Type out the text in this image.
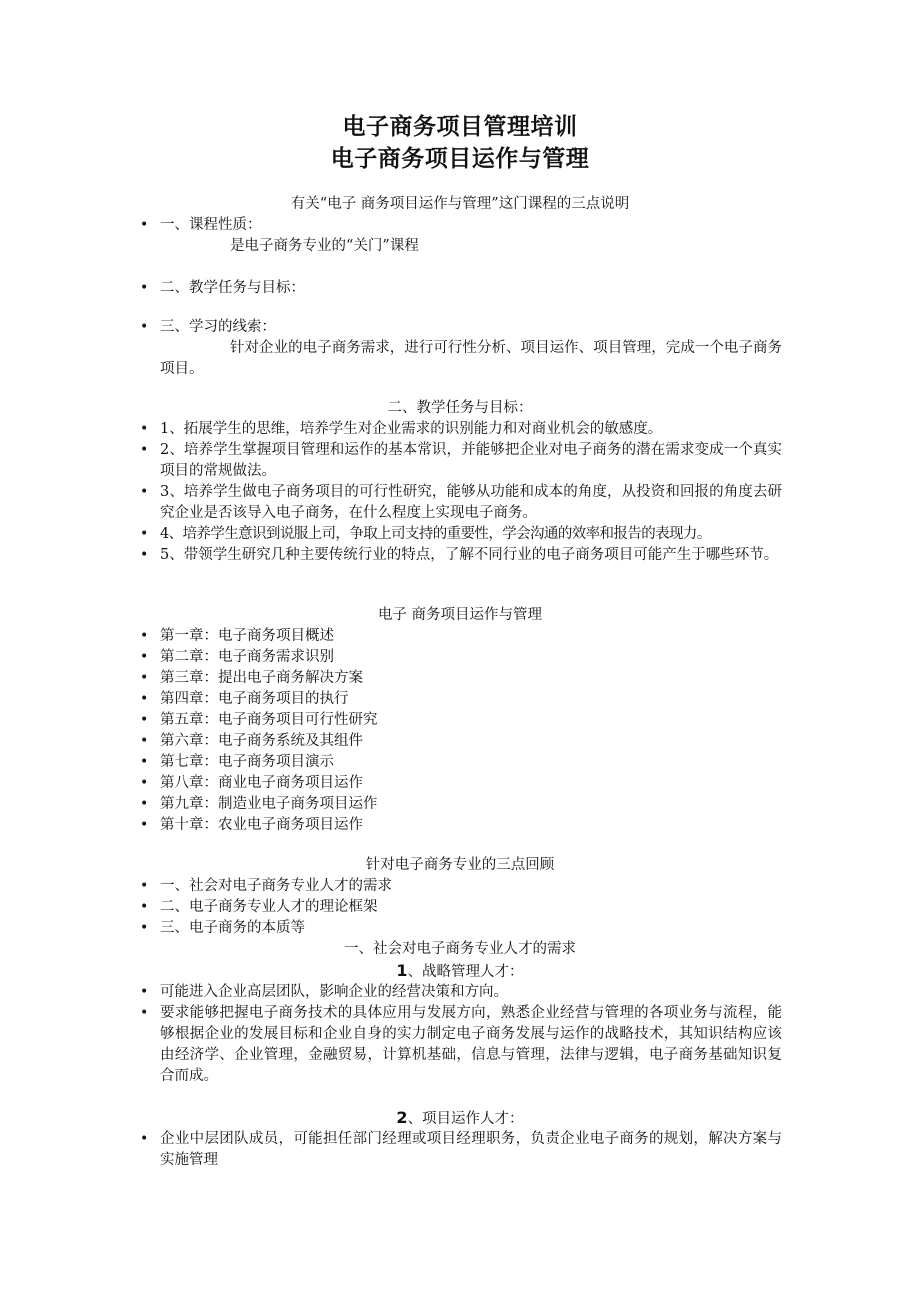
电子商务项目管理培训
电子商务项目运作与管理
有关“电子 商务项目运作与管理”这门课程的三点说明
• 一、课程性质：
是电子商务专业的“关门”课程
• 二、教学任务与目标：
• 三、学习的线索：
针对企业的电子商务需求，进行可行性分析、项目运作、项目管理，完成一个电子商务项目。
二、教学任务与目标：
• 1、拓展学生的思维，培养学生对企业需求的识别能力和对商业机会的敏感度。
• 2、培养学生掌握项目管理和运作的基本常识，并能够把企业对电子商务的潜在需求变成一个真实项目的常规做法。
• 3、培养学生做电子商务项目的可行性研究，能够从功能和成本的角度，从投资和回报的角度去研究企业是否该导入电子商务，在什么程度上实现电子商务。
• 4、培养学生意识到说服上司，争取上司支持的重要性，学会沟通的效率和报告的表现力。
• 5、带领学生研究几种主要传统行业的特点，了解不同行业的电子商务项目可能产生于哪些环节。
电子 商务项目运作与管理
• 第一章：电子商务项目概述
• 第二章：电子商务需求识别
• 第三章：提出电子商务解决方案
• 第四章：电子商务项目的执行
• 第五章：电子商务项目可行性研究
• 第六章：电子商务系统及其组件
• 第七章：电子商务项目演示
• 第八章：商业电子商务项目运作
• 第九章：制造业电子商务项目运作
• 第十章：农业电子商务项目运作
针对电子商务专业的三点回顾
• 一、社会对电子商务专业人才的需求
• 二、电子商务专业人才的理论框架
• 三、电子商务的本质等
一、社会对电子商务专业人才的需求
1、战略管理人才：
• 可能进入企业高层团队，影响企业的经营决策和方向。
• 要求能够把握电子商务技术的具体应用与发展方向，熟悉企业经营与管理的各项业务与流程，能够根据企业的发展目标和企业自身的实力制定电子商务发展与运作的战略技术，其知识结构应该由经济学、企业管理，金融贸易，计算机基础，信息与管理，法律与逻辑，电子商务基础知识复合而成。
2、项目运作人才：
• 企业中层团队成员，可能担任部门经理或项目经理职务，负责企业电子商务的规划，解决方案与实施管理
